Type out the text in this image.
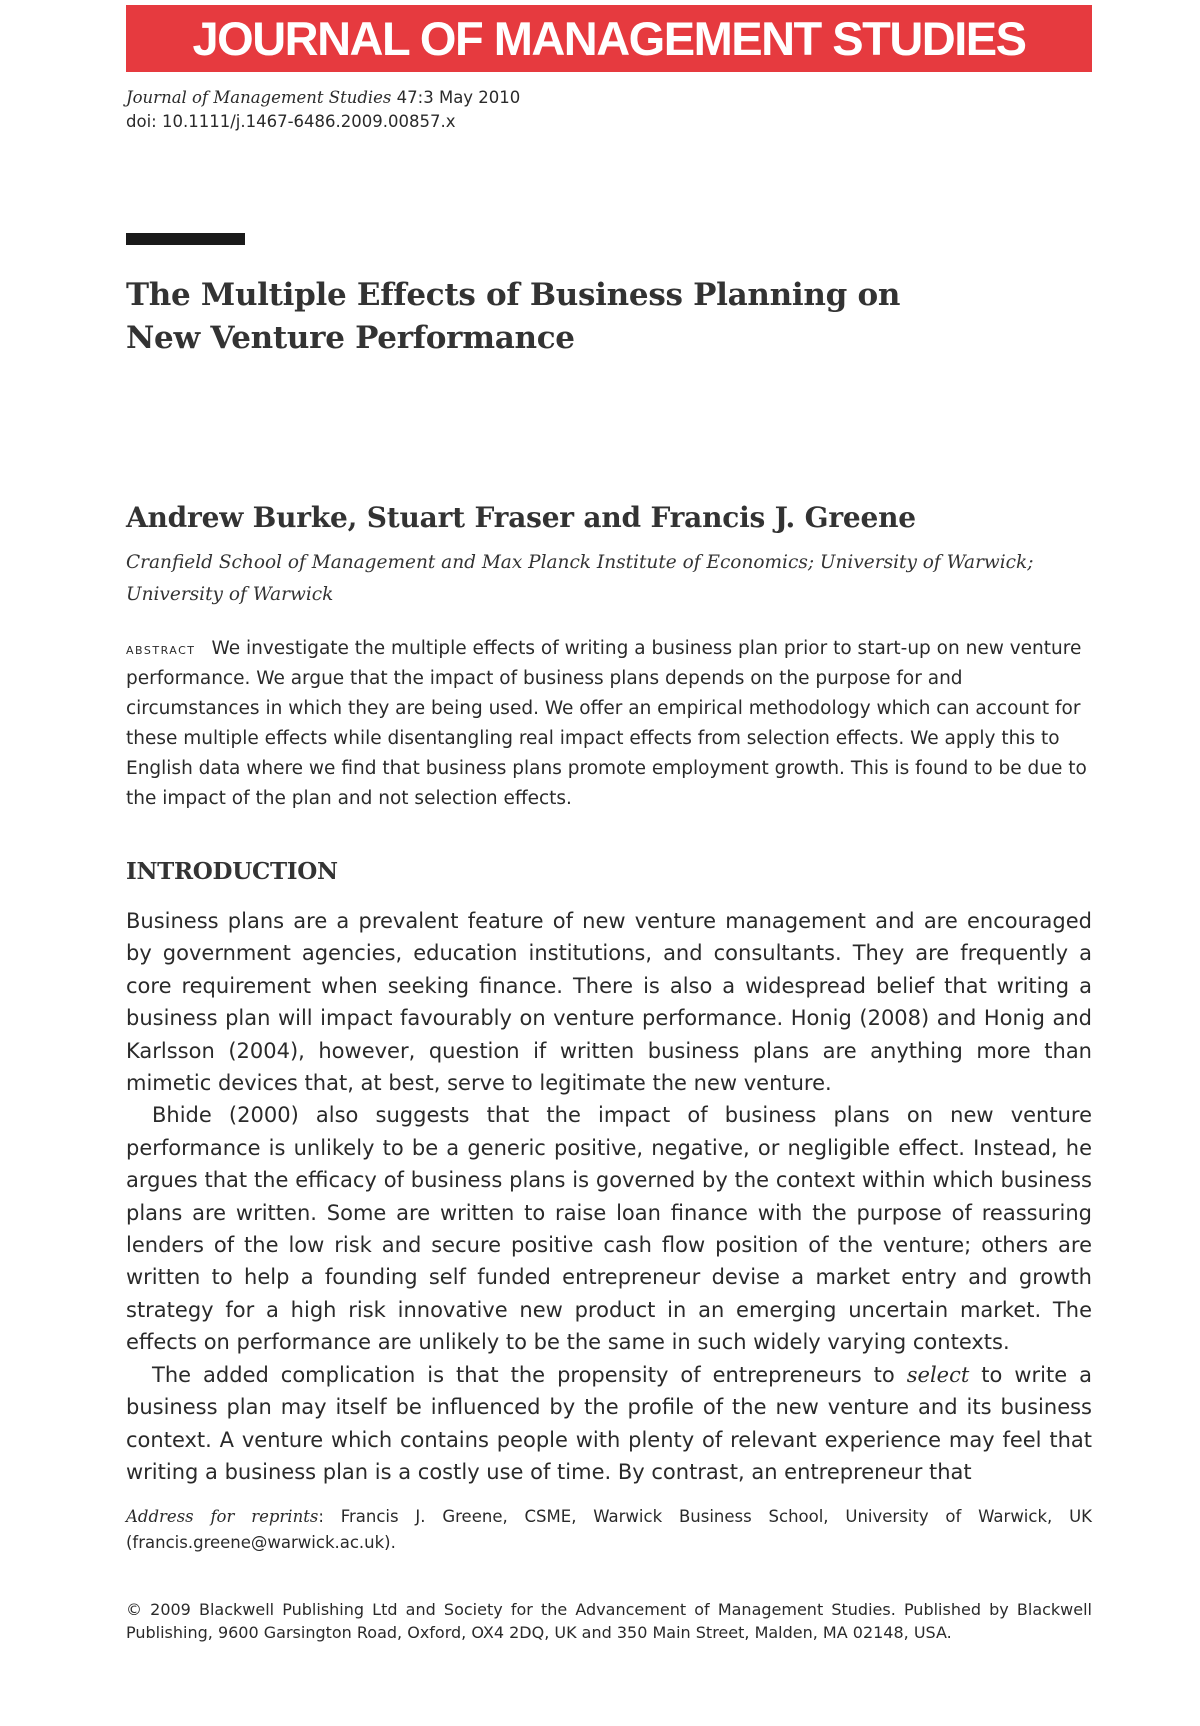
JOURNAL OF MANAGEMENT STUDIES
Journal of Management Studies 47:3 May 2010
doi: 10.1111/j.1467-6486.2009.00857.x
The Multiple Effects of Business Planning on
New Venture Performance
Andrew Burke, Stuart Fraser and Francis J. Greene
Cranfield School of Management and Max Planck Institute of Economics; University of Warwick;
University of Warwick
abstract We investigate the multiple effects of writing a business plan prior to start-up on new venture performance. We argue that the impact of business plans depends on the purpose for and circumstances in which they are being used. We offer an empirical methodology which can account for these multiple effects while disentangling real impact effects from selection effects. We apply this to English data where we find that business plans promote employment growth. This is found to be due to the impact of the plan and not selection effects.
INTRODUCTION

Business plans are a prevalent feature of new venture management and are encouraged by government agencies, education institutions, and consultants. They are frequently a core requirement when seeking finance. There is also a widespread belief that writing a business plan will impact favourably on venture performance. Honig (2008) and Honig and Karlsson (2004), however, question if written business plans are anything more than mimetic devices that, at best, serve to legitimate the new venture.

Bhide (2000) also suggests that the impact of business plans on new venture performance is unlikely to be a generic positive, negative, or negligible effect. Instead, he argues that the efficacy of business plans is governed by the context within which business plans are written. Some are written to raise loan finance with the purpose of reassuring lenders of the low risk and secure positive cash flow position of the venture; others are written to help a founding self funded entrepreneur devise a market entry and growth strategy for a high risk innovative new product in an emerging uncertain market. The effects on performance are unlikely to be the same in such widely varying contexts.

The added complication is that the propensity of entrepreneurs to select to write a business plan may itself be influenced by the profile of the new venture and its business context. A venture which contains people with plenty of relevant experience may feel that writing a business plan is a costly use of time. By contrast, an entrepreneur that

Address for reprints: Francis J. Greene, CSME, Warwick Business School, University of Warwick, UK (francis.greene@warwick.ac.uk).
© 2009 Blackwell Publishing Ltd and Society for the Advancement of Management Studies. Published by Blackwell Publishing, 9600 Garsington Road, Oxford, OX4 2DQ, UK and 350 Main Street, Malden, MA 02148, USA.
